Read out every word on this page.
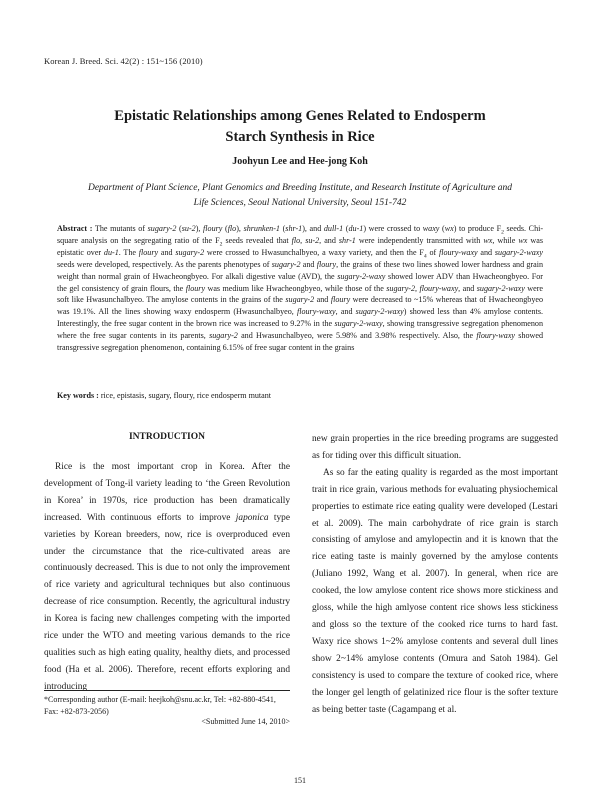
Korean J. Breed. Sci. 42(2) : 151~156 (2010)
Epistatic Relationships among Genes Related to Endosperm
Starch Synthesis in Rice
Joohyun Lee and Hee-jong Koh
Department of Plant Science, Plant Genomics and Breeding Institute, and Research Institute of Agriculture and
Life Sciences, Seoul National University, Seoul 151-742
Abstract : The mutants of sugary-2 (su-2), floury (flo), shrunken-1 (shr-1), and dull-1 (du-1) were crossed to waxy (wx) to produce $F_2$ seeds. Chi-square analysis on the segregating ratio of the $F_2$ seeds revealed that flo, su-2, and shr-1 were independently transmitted with wx, while wx was epistatic over du-1. The floury and sugary-2 were crossed to Hwasunchalbyeo, a waxy variety, and then the $F_4$ of floury-waxy and sugary-2-waxy seeds were developed, respectively. As the parents phenotypes of sugary-2 and floury, the grains of these two lines showed lower hardness and grain weight than normal grain of Hwacheongbyeo. For alkali digestive value (AVD), the sugary-2-waxy showed lower ADV than Hwacheongbyeo. For the gel consistency of grain flours, the floury was medium like Hwacheongbyeo, while those of the sugary-2, floury-waxy, and sugary-2-waxy were soft like Hwasunchalbyeo. The amylose contents in the grains of the sugary-2 and floury were decreased to ~15% whereas that of Hwacheongbyeo was 19.1%. All the lines showing waxy endosperm (Hwasunchalbyeo, floury-waxy, and sugary-2-waxy) showed less than 4% amylose contents. Interestingly, the free sugar content in the brown rice was increased to 9.27% in the sugary-2-waxy, showing transgressive segregation phenomenon where the free sugar contents in its parents, sugary-2 and Hwasunchalbyeo, were 5.98% and 3.98% respectively. Also, the floury-waxy showed transgressive segregation phenomenon, containing 6.15% of free sugar content in the grains
Key words : rice, epistasis, sugary, floury, rice endosperm mutant
INTRODUCTION

Rice is the most important crop in Korea. After the development of Tong-il variety leading to ‘the Green Revolution in Korea’ in 1970s, rice production has been dramatically increased. With continuous efforts to improve japonica type varieties by Korean breeders, now, rice is overproduced even under the circumstance that the rice-cultivated areas are continuously decreased. This is due to not only the improvement of rice variety and agricultural techniques but also continuous decrease of rice consumption. Recently, the agricultural industry in Korea is facing new challenges competing with the imported rice under the WTO and meeting various demands to the rice qualities such as high eating quality, healthy diets, and processed food (Ha et al. 2006). Therefore, recent efforts exploring and introducing

*Corresponding author (E-mail: heejkoh@snu.ac.kr, Tel: +82-880-4541, Fax: +82-873-2056)
<Submitted June 14, 2010>

new grain properties in the rice breeding programs are suggested as for tiding over this difficult situation.

As so far the eating quality is regarded as the most important trait in rice grain, various methods for evaluating physiochemical properties to estimate rice eating quality were developed (Lestari et al. 2009). The main carbohydrate of rice grain is starch consisting of amylose and amylopectin and it is known that the rice eating taste is mainly governed by the amylose contents (Juliano 1992, Wang et al. 2007). In general, when rice are cooked, the low amylose content rice shows more stickiness and gloss, while the high amlyose content rice shows less stickiness and gloss so the texture of the cooked rice turns to hard fast. Waxy rice shows 1~2% amylose contents and several dull lines show 2~14% amylose contents (Omura and Satoh 1984). Gel consistency is used to compare the texture of cooked rice, where the longer gel length of gelatinized rice flour is the softer texture as being better taste (Cagampang et al.

151
